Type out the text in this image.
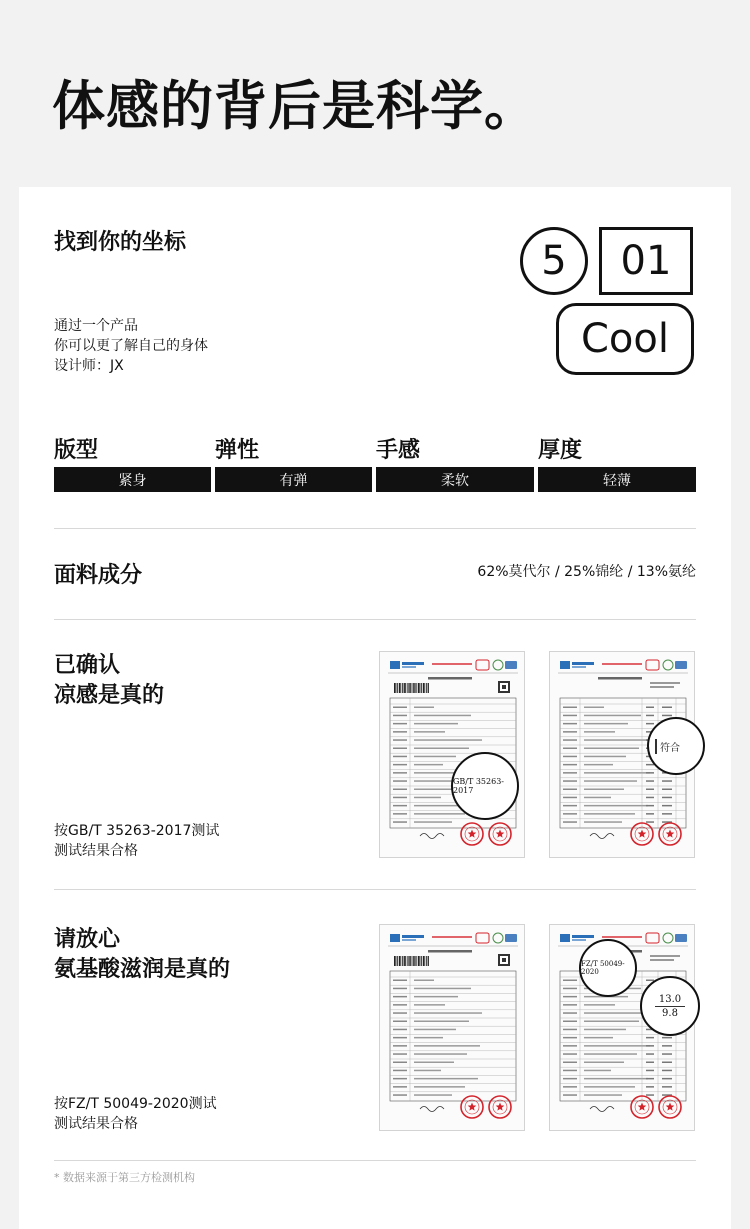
体感的背后是科学。
找到你的坐标
通过一个产品
你可以更了解自己的身体
设计师：JX
5 01
Cool
版型	弹性	手感	厚度
紧身	有弹	柔软	轻薄
面料成分	62%莫代尔 / 25%锦纶 / 13%氨纶
已确认
凉感是真的
按GB/T 35263-2017测试
测试结果合格
GB/T 35263-2017
符合
请放心
氨基酸滋润是真的
按FZ/T 50049-2020测试
测试结果合格
FZ/T 50049-2020
13.0
9.8
* 数据来源于第三方检测机构
